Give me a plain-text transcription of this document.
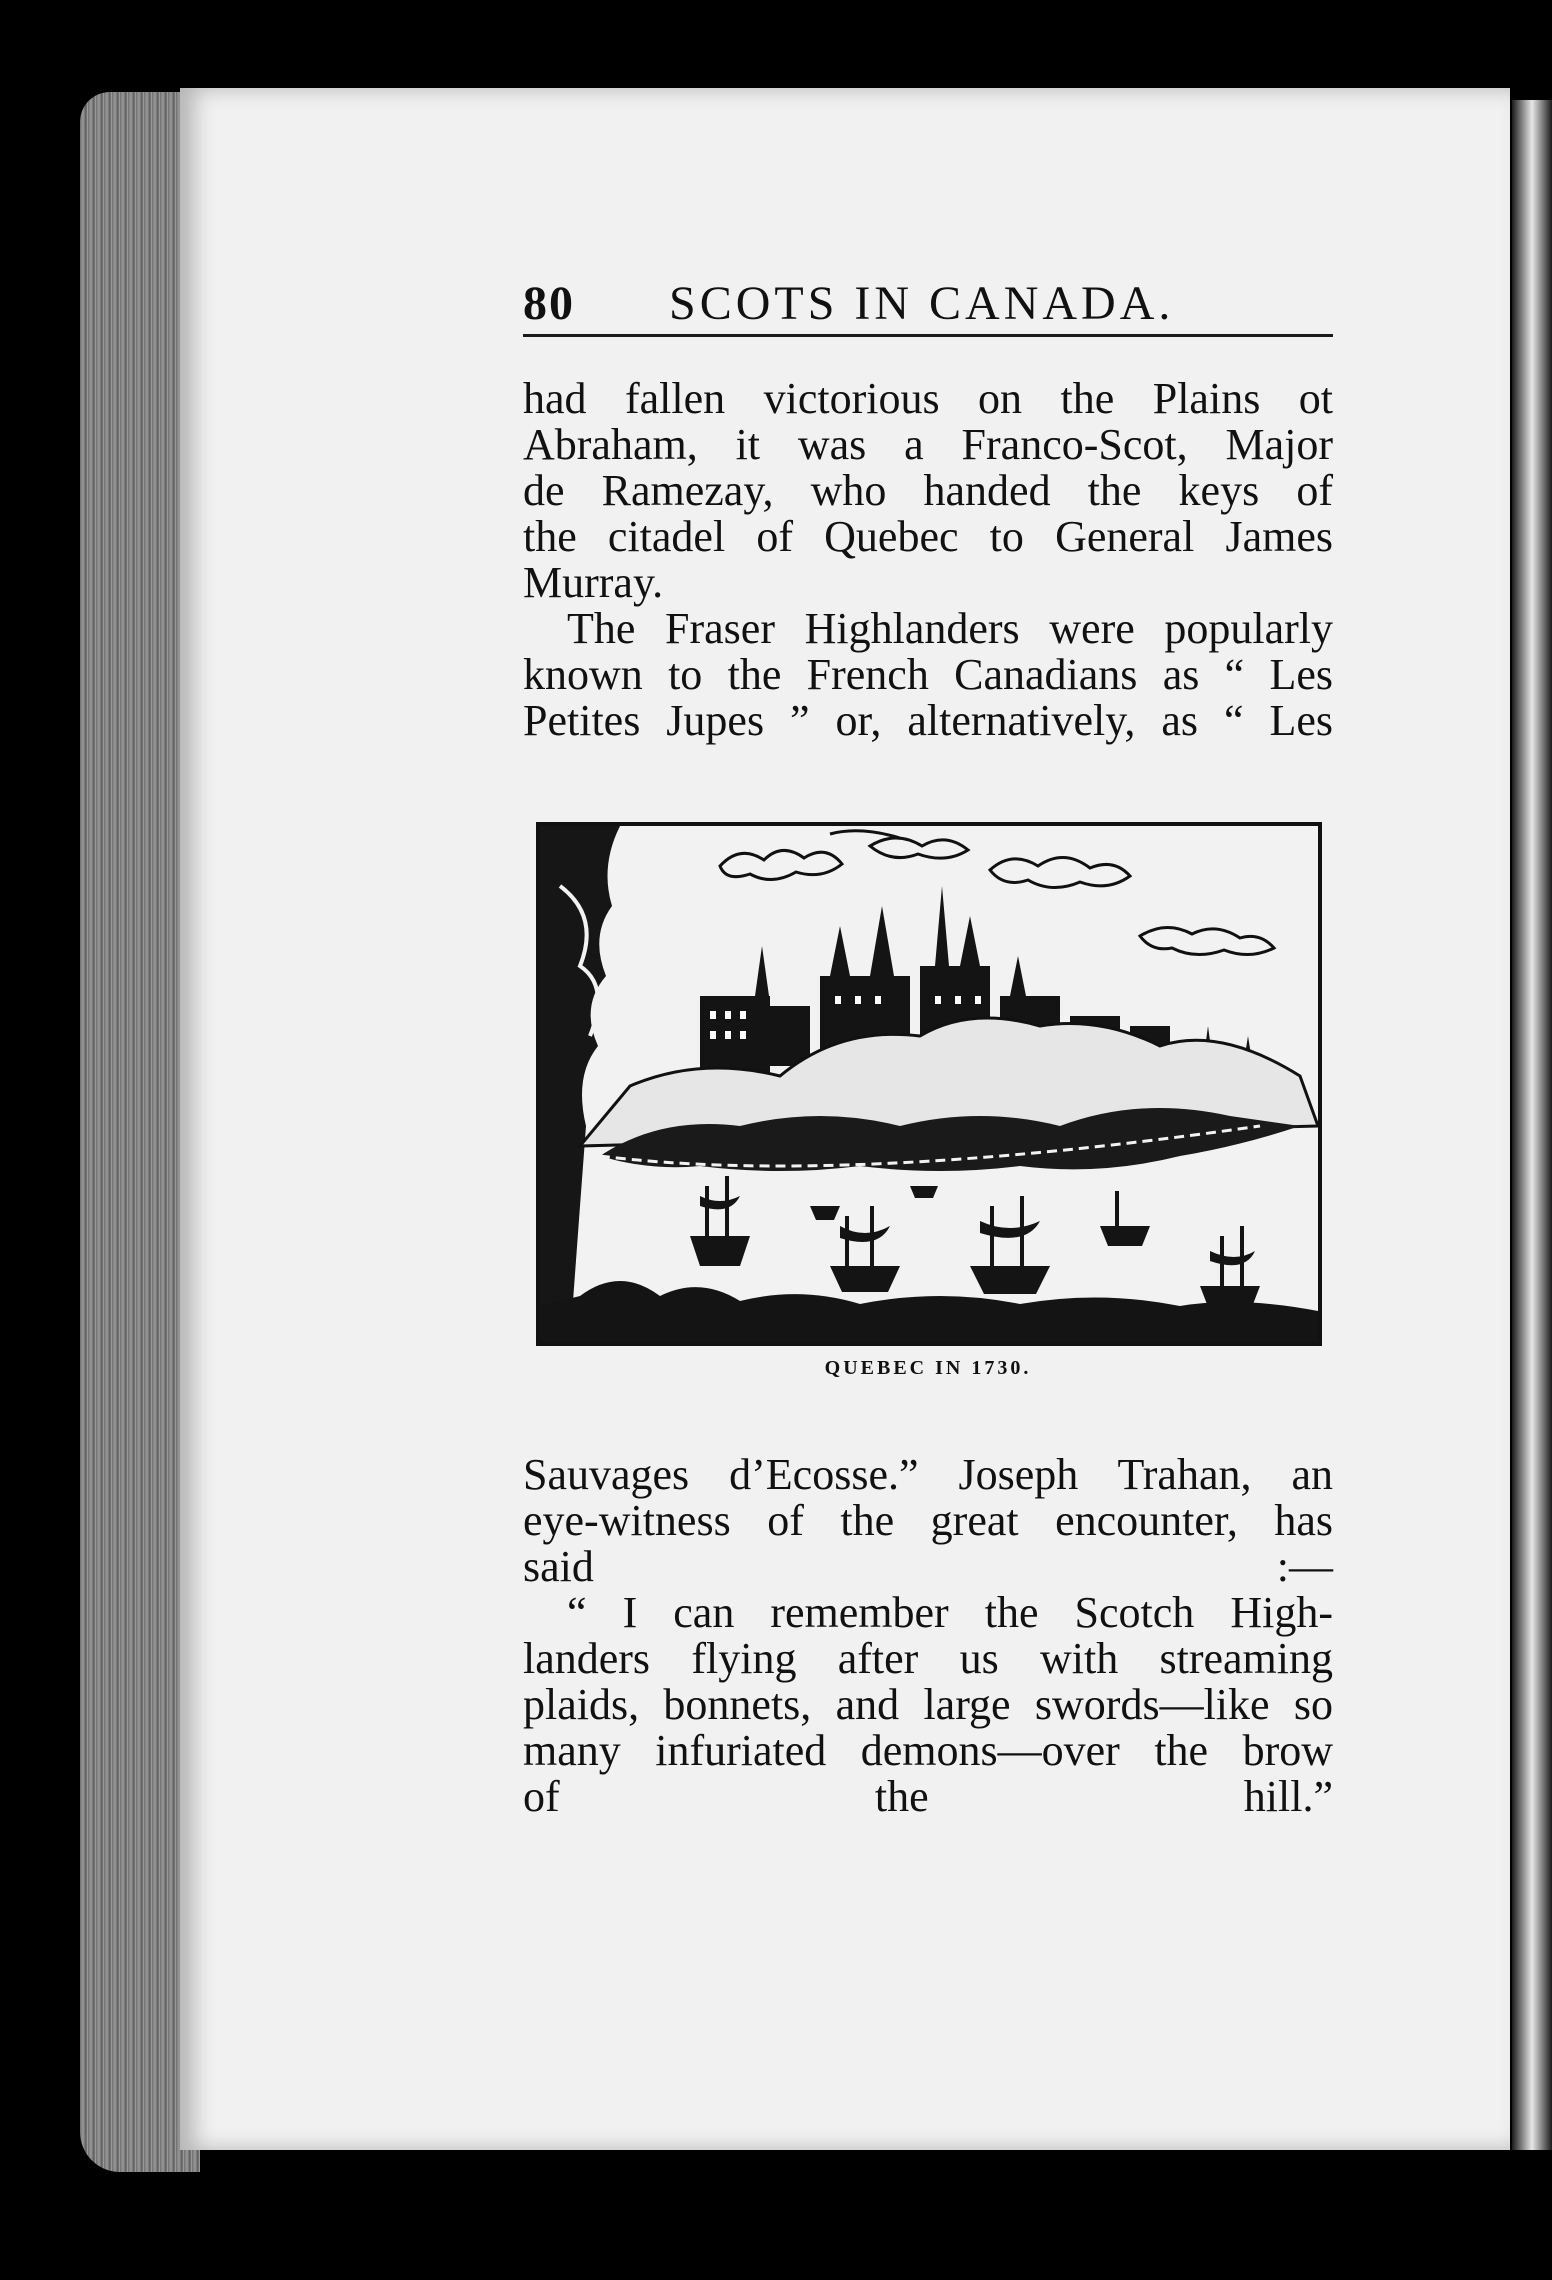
80 SCOTS IN CANADA.

had fallen victorious on the Plains ot
Abraham, it was a Franco-Scot, Major
de Ramezay, who handed the keys of
the citadel of Quebec to General James
Murray.

The Fraser Highlanders were popularly
known to the French Canadians as “ Les
Petites Jupes ” or, alternatively, as “ Les

QUEBEC IN 1730.

Sauvages d’Ecosse.” Joseph Trahan, an
eye-witness of the great encounter, has
said :—

“ I can remember the Scotch High-
landers flying after us with streaming
plaids, bonnets, and large swords—like so
many infuriated demons—over the brow
of the hill.”
